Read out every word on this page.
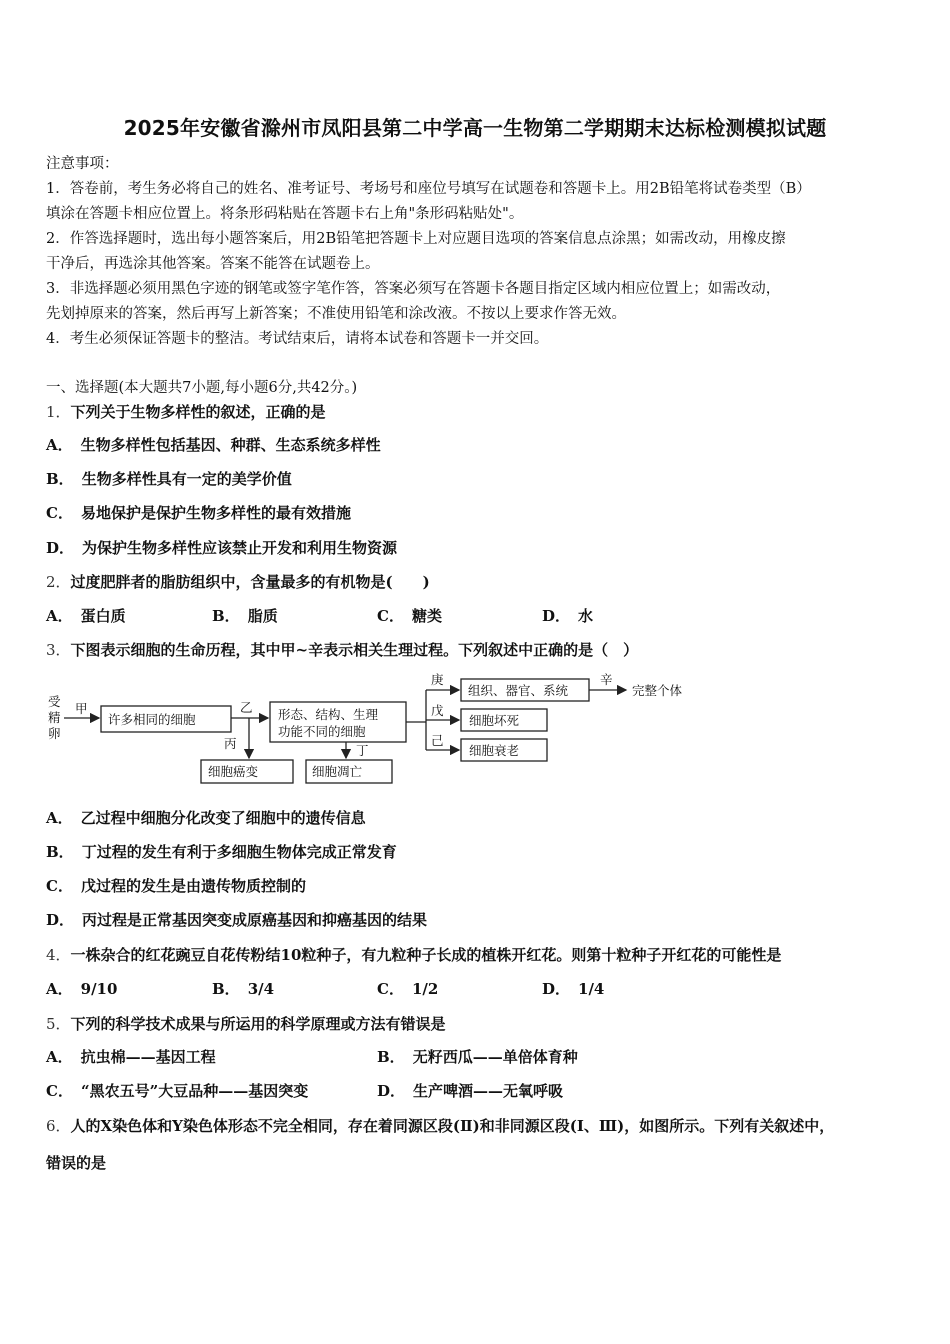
2025年安徽省滁州市凤阳县第二中学高一生物第二学期期末达标检测模拟试题
注意事项：
1．答卷前，考生务必将自己的姓名、准考证号、考场号和座位号填写在试题卷和答题卡上。用2B铅笔将试卷类型（B）
填涂在答题卡相应位置上。将条形码粘贴在答题卡右上角"条形码粘贴处"。
2．作答选择题时，选出每小题答案后，用2B铅笔把答题卡上对应题目选项的答案信息点涂黑；如需改动，用橡皮擦
干净后，再选涂其他答案。答案不能答在试题卷上。
3．非选择题必须用黑色字迹的钢笔或签字笔作答，答案必须写在答题卡各题目指定区域内相应位置上；如需改动，
先划掉原来的答案，然后再写上新答案；不准使用铅笔和涂改液。不按以上要求作答无效。
4．考生必须保证答题卡的整洁。考试结束后，请将本试卷和答题卡一并交回。
一、选择题(本大题共7小题,每小题6分,共42分。)
1．下列关于生物多样性的叙述，正确的是
A． 生物多样性包括基因、种群、生态系统多样性
B． 生物多样性具有一定的美学价值
C． 易地保护是保护生物多样性的最有效措施
D． 为保护生物多样性应该禁止开发和利用生物资源
2．过度肥胖者的脂肪组织中，含量最多的有机物是(　　)
A． 蛋白质	B． 脂质	C． 糖类	D． 水
3．下图表示细胞的生命历程，其中甲~辛表示相关生理过程。下列叙述中正确的是（　）
受
精
卵
甲
许多相同的细胞
乙
丙
细胞癌变
形态、结构、生理
功能不同的细胞
丁
细胞凋亡
庚
戊
己
组织、器官、系统
辛
完整个体
细胞坏死
细胞衰老
A． 乙过程中细胞分化改变了细胞中的遗传信息
B． 丁过程的发生有利于多细胞生物体完成正常发育
C． 戊过程的发生是由遗传物质控制的
D． 丙过程是正常基因突变成原癌基因和抑癌基因的结果
4．一株杂合的红花豌豆自花传粉结10粒种子，有九粒种子长成的植株开红花。则第十粒种子开红花的可能性是
A． 9/10	B． 3/4	C． 1/2	D． 1/4
5．下列的科学技术成果与所运用的科学原理或方法有错误是
A． 抗虫棉——基因工程	B． 无籽西瓜——单倍体育种
C． “黑农五号”大豆品种——基因突变	D． 生产啤酒——无氧呼吸
6．人的X染色体和Y染色体形态不完全相同，存在着同源区段(Ⅱ)和非同源区段(Ⅰ、Ⅲ)，如图所示。下列有关叙述中，
错误的是
